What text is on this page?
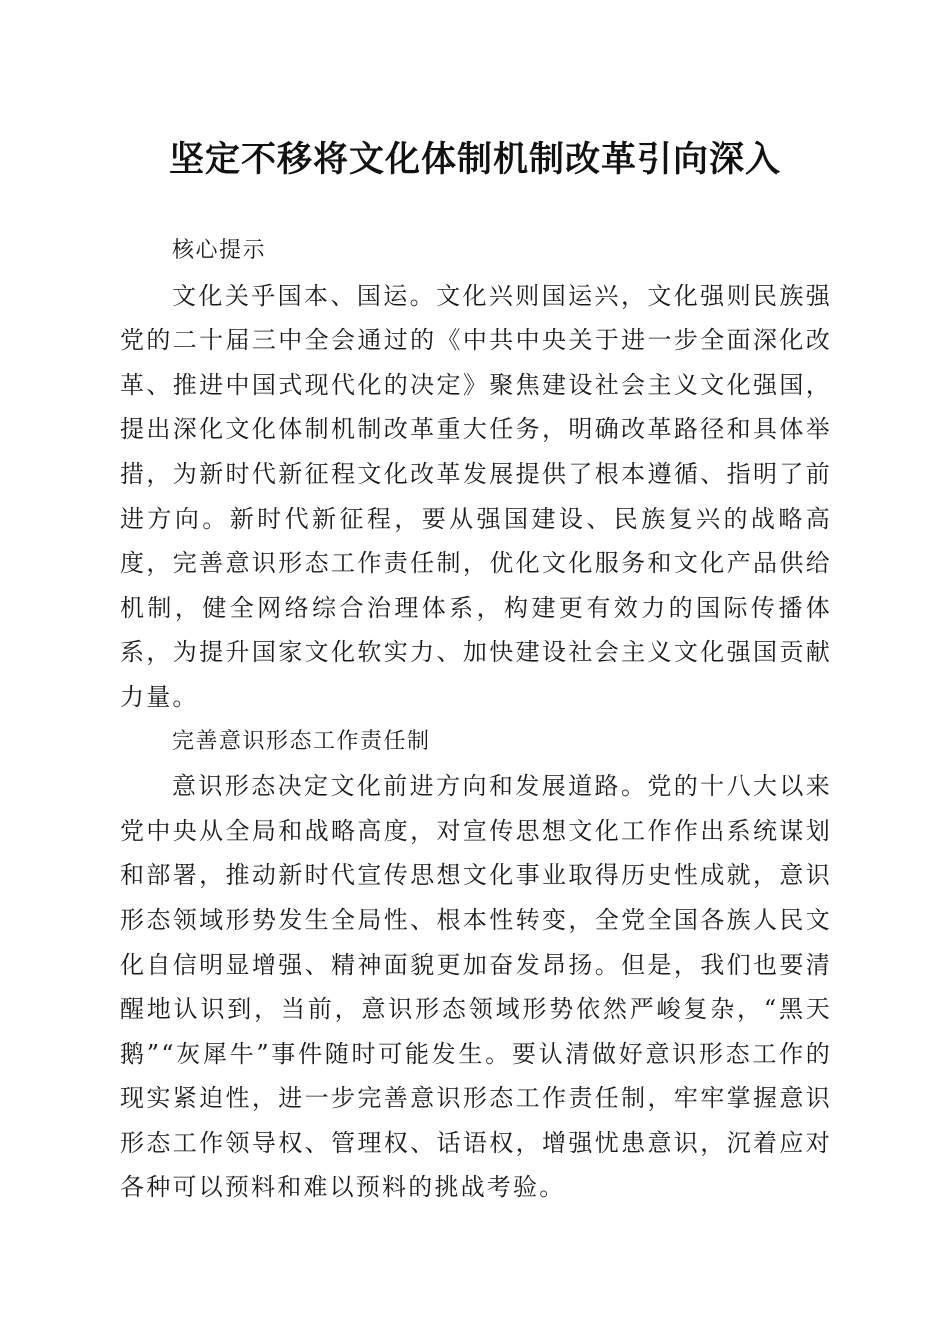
坚定不移将文化体制机制改革引向深入

核心提示

文化关乎国本、国运。文化兴则国运兴，文化强则民族强党的二十届三中全会通过的《中共中央关于进一步全面深化改革、推进中国式现代化的决定》聚焦建设社会主义文化强国，提出深化文化体制机制改革重大任务，明确改革路径和具体举措，为新时代新征程文化改革发展提供了根本遵循、指明了前进方向。新时代新征程，要从强国建设、民族复兴的战略高度，完善意识形态工作责任制，优化文化服务和文化产品供给机制，健全网络综合治理体系，构建更有效力的国际传播体系，为提升国家文化软实力、加快建设社会主义文化强国贡献力量。

完善意识形态工作责任制

意识形态决定文化前进方向和发展道路。党的十八大以来党中央从全局和战略高度，对宣传思想文化工作作出系统谋划和部署，推动新时代宣传思想文化事业取得历史性成就，意识形态领域形势发生全局性、根本性转变，全党全国各族人民文化自信明显增强、精神面貌更加奋发昂扬。但是，我们也要清醒地认识到，当前，意识形态领域形势依然严峻复杂，“黑天鹅”“灰犀牛”事件随时可能发生。要认清做好意识形态工作的现实紧迫性，进一步完善意识形态工作责任制，牢牢掌握意识形态工作领导权、管理权、话语权，增强忧患意识，沉着应对各种可以预料和难以预料的挑战考验。
